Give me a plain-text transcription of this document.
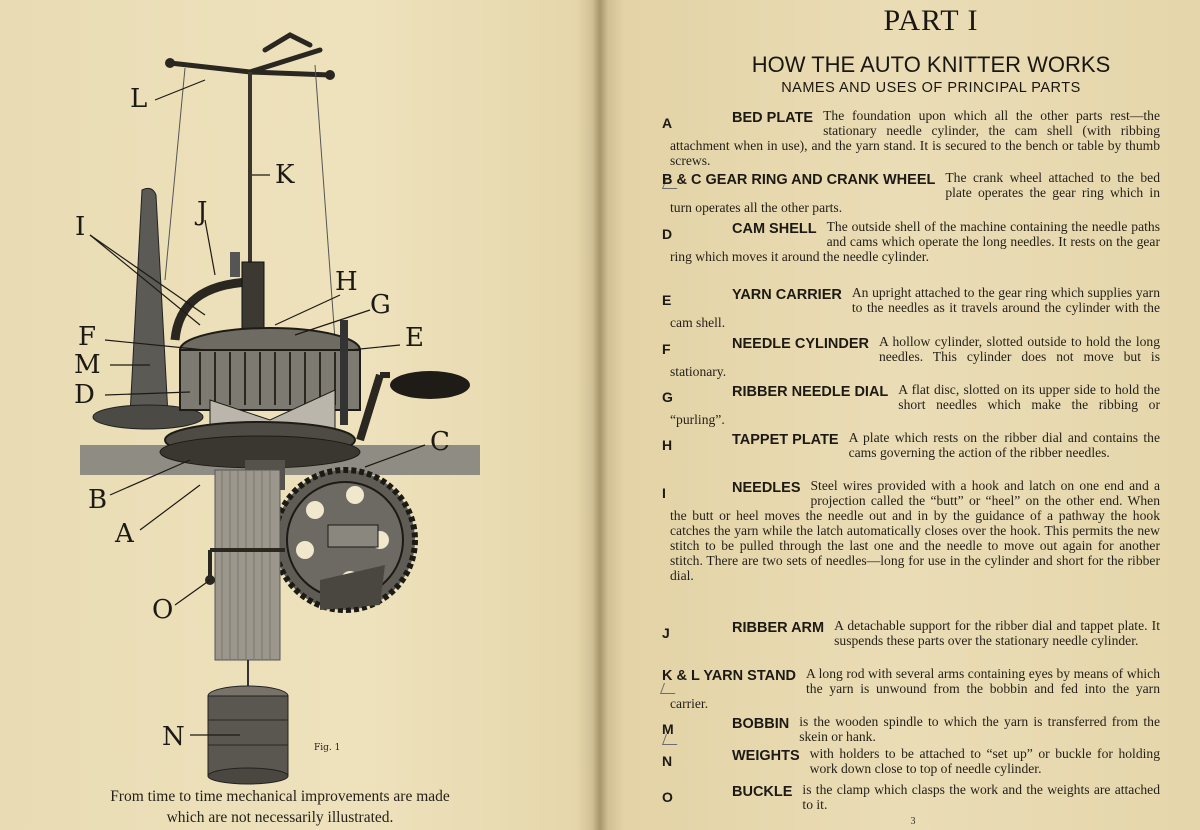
L
K
I	J
H
G
E
F
M
D
C
B
A
O
N	Fig. 1
From time to time mechanical improvements are made which are not necessarily illustrated.
PART I
HOW THE AUTO KNITTER WORKS
NAMES AND USES OF PRINCIPAL PARTS
A	BED PLATE The foundation upon which all the other parts rest—the stationary needle cylinder, the cam shell (with ribbing attachment when in use), and the yarn stand. It is secured to the bench or table by thumb screws.
B & C GEAR RING AND CRANK WHEEL The crank wheel attached to the bed plate operates the gear ring which in turn operates all the other parts.
D	CAM SHELL The outside shell of the machine containing the needle paths and cams which operate the long needles. It rests on the gear ring which moves it around the needle cylinder.
E	YARN CARRIER An upright attached to the gear ring which supplies yarn to the needles as it travels around the cylinder with the cam shell.
F	NEEDLE CYLINDER A hollow cylinder, slotted outside to hold the long needles. This cylinder does not move but is stationary.
G	RIBBER NEEDLE DIAL A flat disc, slotted on its upper side to hold the short needles which make the ribbing or “purling”.
H	TAPPET PLATE A plate which rests on the ribber dial and contains the cams governing the action of the ribber needles.
I	NEEDLES Steel wires provided with a hook and latch on one end and a projection called the “butt” or “heel” on the other end. When the butt or heel moves the needle out and in by the guidance of a pathway the hook catches the yarn while the latch automatically closes over the hook. This permits the new stitch to be pulled through the last one and the needle to move out again for another stitch. There are two sets of needles—long for use in the cylinder and short for the ribber dial.
J	RIBBER ARM A detachable support for the ribber dial and tappet plate. It suspends these parts over the stationary needle cylinder.
K & L YARN STAND A long rod with several arms containing eyes by means of which the yarn is unwound from the bobbin and fed into the yarn carrier.
M	BOBBIN is the wooden spindle to which the yarn is transferred from the skein or hank.
N	WEIGHTS with holders to be attached to “set up” or buckle for holding work down close to top of needle cylinder.
O	BUCKLE is the clamp which clasps the work and the weights are attached to it.
3
